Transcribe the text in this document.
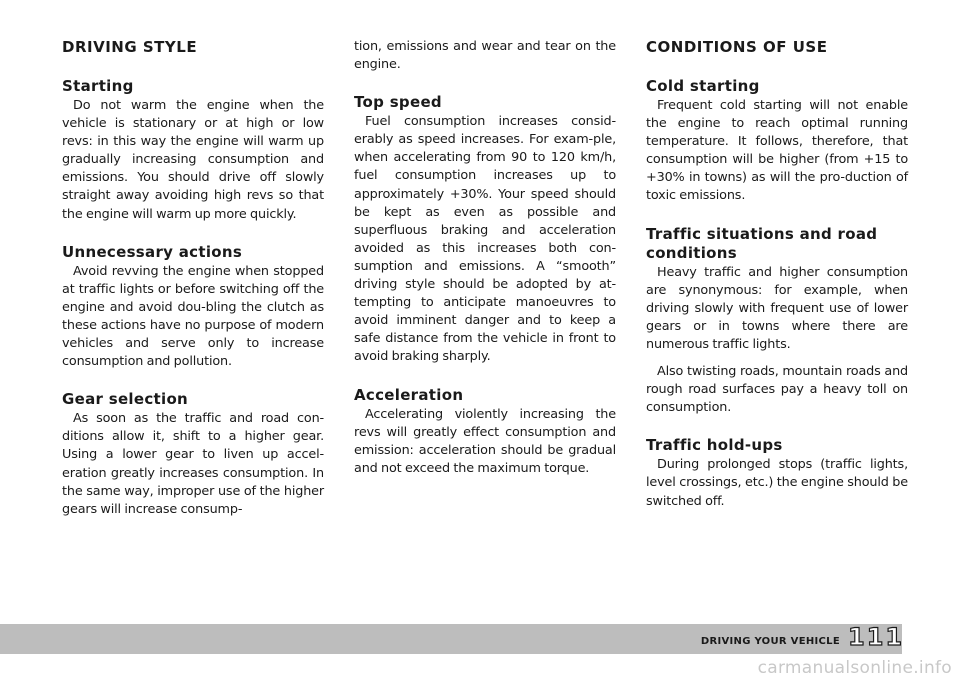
DRIVING STYLE
Starting

Do not warm the engine when the vehicle is stationary or at high or low revs: in this way the engine will warm up gradually increasing consumption and emissions. You should drive off slowly straight away avoiding high revs so that the engine will warm up more quickly.

Unnecessary actions

Avoid revving the engine when stopped at traffic lights or before switching off the engine and avoid dou-bling the clutch as these actions have no purpose of modern vehicles and serve only to increase consumption and pollution.

Gear selection

As soon as the traffic and road con-ditions allow it, shift to a higher gear. Using a lower gear to liven up accel-eration greatly increases consumption. In the same way, improper use of the higher gears will increase consump-

tion, emissions and wear and tear on the engine.

Top speed

Fuel consumption increases consid-erably as speed increases. For exam-ple, when accelerating from 90 to 120 km/h, fuel consumption increases up to approximately +30%. Your speed should be kept as even as possible and superfluous braking and acceleration avoided as this increases both con-sumption and emissions. A “smooth” driving style should be adopted by at-tempting to anticipate manoeuvres to avoid imminent danger and to keep a safe distance from the vehicle in front to avoid braking sharply.

Acceleration

Accelerating violently increasing the revs will greatly effect consumption and emission: acceleration should be gradual and not exceed the maximum torque.

CONDITIONS OF USE
Cold starting

Frequent cold starting will not enable the engine to reach optimal running temperature. It follows, therefore, that consumption will be higher (from +15 to +30% in towns) as will the pro-duction of toxic emissions.

Traffic situations and road conditions

Heavy traffic and higher consumption are synonymous: for example, when driving slowly with frequent use of lower gears or in towns where there are numerous traffic lights.

Also twisting roads, mountain roads and rough road surfaces pay a heavy toll on consumption.

Traffic hold-ups

During prolonged stops (traffic lights, level crossings, etc.) the engine should be switched off.

DRIVING YOUR VEHICLE 111
carmanualsonline.info
